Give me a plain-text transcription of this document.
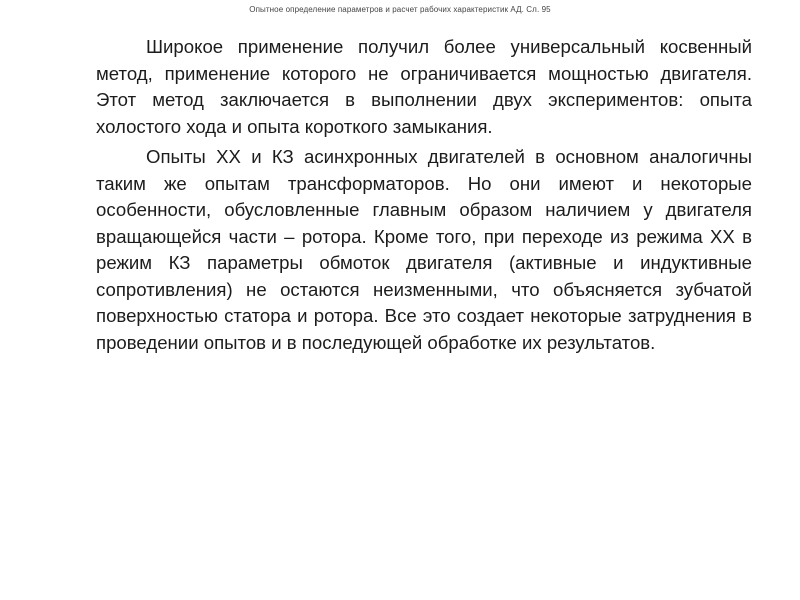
Опытное определение параметров и расчет рабочих характеристик АД. Сл. 95

Широкое применение получил более универсальный косвенный метод, применение которого не ограничивается мощностью двигателя. Этот метод заключается в выполнении двух экспериментов: опыта холостого хода и опыта короткого замыкания.

Опыты ХХ и КЗ асинхронных двигателей в основном аналогичны таким же опытам трансформаторов. Но они имеют и некоторые особенности, обусловленные главным образом наличием у двигателя вращающейся части – ротора. Кроме того, при переходе из режима ХХ в режим КЗ параметры обмоток двигателя (активные и индуктивные сопротивления) не остаются неизменными, что объясняется зубчатой поверхностью статора и ротора. Все это создает некоторые затруднения в проведении опытов и в последующей обработке их результатов.
